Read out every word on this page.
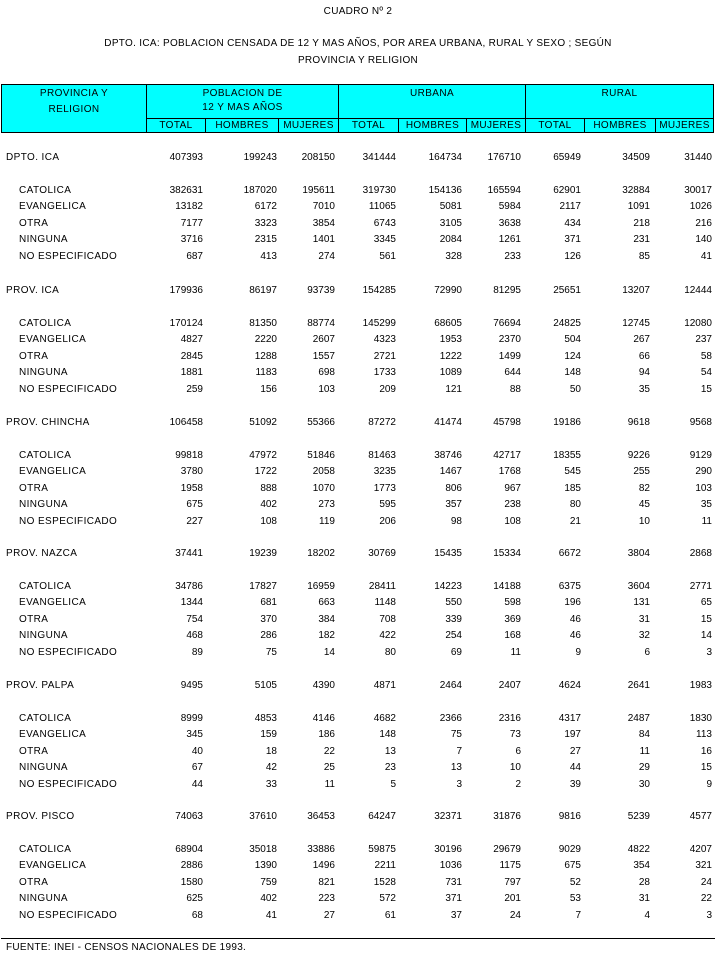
CUADRO Nº 2
DPTO. ICA: POBLACION CENSADA DE 12 Y MAS AÑOS, POR AREA URBANA, RURAL Y SEXO ; SEGÚN
PROVINCIA Y RELIGION
PROVINCIA Y
RELIGION
POBLACION DE
12 Y MAS AÑOS
URBANA	RURAL
TOTAL	HOMBRES	MUJERES	TOTAL	HOMBRES	MUJERES	TOTAL	HOMBRES	MUJERES
DPTO. ICA	407393	199243	208150	341444	164734	176710	65949	34509	31440
CATOLICA	382631	187020	195611	319730	154136	165594	62901	32884	30017
EVANGELICA	13182	6172	7010	11065	5081	5984	2117	1091	1026
OTRA	7177	3323	3854	6743	3105	3638	434	218	216
NINGUNA	3716	2315	1401	3345	2084	1261	371	231	140
NO ESPECIFICADO	687	413	274	561	328	233	126	85	41
PROV. ICA	179936	86197	93739	154285	72990	81295	25651	13207	12444
CATOLICA	170124	81350	88774	145299	68605	76694	24825	12745	12080
EVANGELICA	4827	2220	2607	4323	1953	2370	504	267	237
OTRA	2845	1288	1557	2721	1222	1499	124	66	58
NINGUNA	1881	1183	698	1733	1089	644	148	94	54
NO ESPECIFICADO	259	156	103	209	121	88	50	35	15
PROV. CHINCHA	106458	51092	55366	87272	41474	45798	19186	9618	9568
CATOLICA	99818	47972	51846	81463	38746	42717	18355	9226	9129
EVANGELICA	3780	1722	2058	3235	1467	1768	545	255	290
OTRA	1958	888	1070	1773	806	967	185	82	103
NINGUNA	675	402	273	595	357	238	80	45	35
NO ESPECIFICADO	227	108	119	206	98	108	21	10	11
PROV. NAZCA	37441	19239	18202	30769	15435	15334	6672	3804	2868
CATOLICA	34786	17827	16959	28411	14223	14188	6375	3604	2771
EVANGELICA	1344	681	663	1148	550	598	196	131	65
OTRA	754	370	384	708	339	369	46	31	15
NINGUNA	468	286	182	422	254	168	46	32	14
NO ESPECIFICADO	89	75	14	80	69	11	9	6	3
PROV. PALPA	9495	5105	4390	4871	2464	2407	4624	2641	1983
CATOLICA	8999	4853	4146	4682	2366	2316	4317	2487	1830
EVANGELICA	345	159	186	148	75	73	197	84	113
OTRA	40	18	22	13	7	6	27	11	16
NINGUNA	67	42	25	23	13	10	44	29	15
NO ESPECIFICADO	44	33	11	5	3	2	39	30	9
PROV. PISCO	74063	37610	36453	64247	32371	31876	9816	5239	4577
CATOLICA	68904	35018	33886	59875	30196	29679	9029	4822	4207
EVANGELICA	2886	1390	1496	2211	1036	1175	675	354	321
OTRA	1580	759	821	1528	731	797	52	28	24
NINGUNA	625	402	223	572	371	201	53	31	22
NO ESPECIFICADO	68	41	27	61	37	24	7	4	3
FUENTE: INEI - CENSOS NACIONALES DE 1993.
